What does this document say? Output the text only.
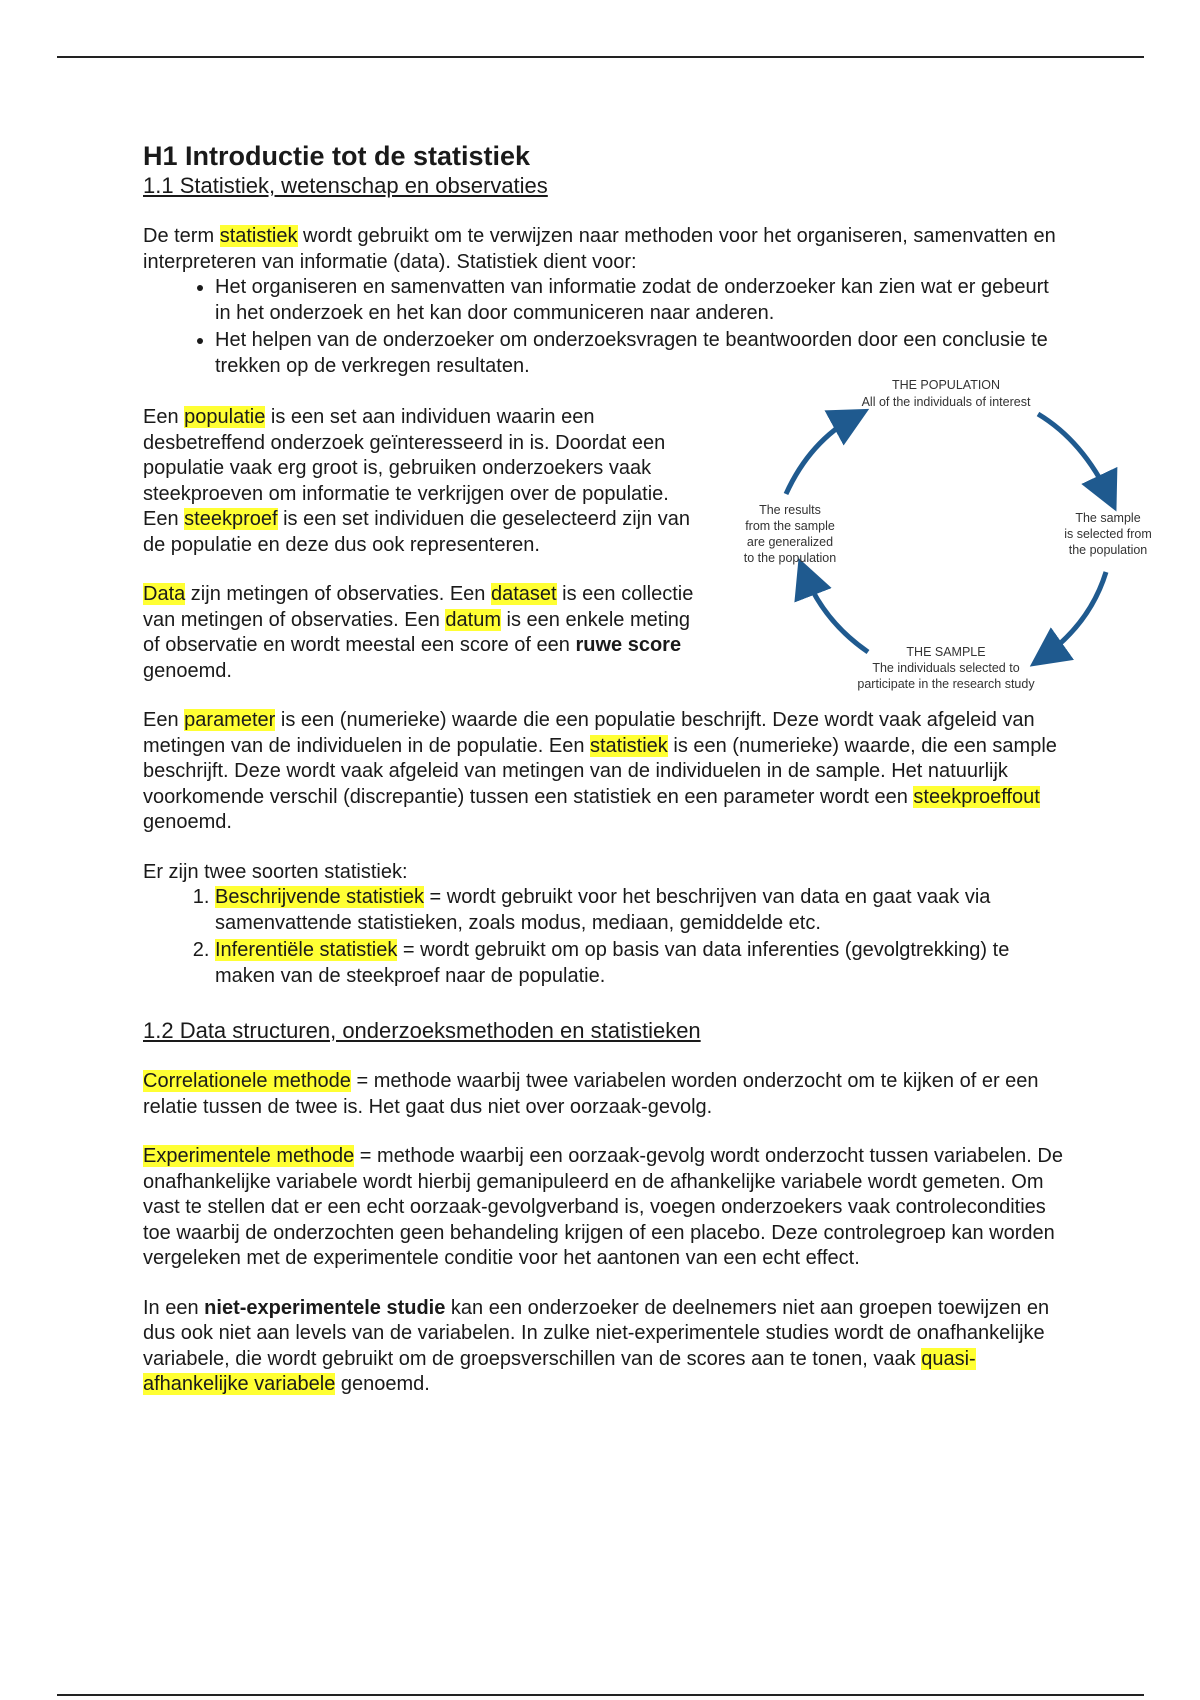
H1 Introductie tot de statistiek
1.1 Statistiek, wetenschap en observaties

De term statistiek wordt gebruikt om te verwijzen naar methoden voor het organiseren, samenvatten en interpreteren van informatie (data). Statistiek dient voor:

• Het organiseren en samenvatten van informatie zodat de onderzoeker kan zien wat er gebeurt in het onderzoek en het kan door communiceren naar anderen.
• Het helpen van de onderzoeker om onderzoeksvragen te beantwoorden door een conclusie te trekken op de verkregen resultaten.

Een populatie is een set aan individuen waarin een desbetreffend onderzoek geïnteresseerd in is. Doordat een populatie vaak erg groot is, gebruiken onderzoekers vaak steekproeven om informatie te verkrijgen over de populatie. Een steekproef is een set individuen die geselecteerd zijn van de populatie en deze dus ook representeren.

Data zijn metingen of observaties. Een dataset is een collectie van metingen of observaties. Een datum is een enkele meting of observatie en wordt meestal een score of een ruwe score genoemd.

Een parameter is een (numerieke) waarde die een populatie beschrijft. Deze wordt vaak afgeleid van metingen van de individuelen in de populatie. Een statistiek is een (numerieke) waarde, die een sample beschrijft. Deze wordt vaak afgeleid van metingen van de individuelen in de sample. Het natuurlijk voorkomende verschil (discrepantie) tussen een statistiek en een parameter wordt een steekproeffout genoemd.

Er zijn twee soorten statistiek:

1. Beschrijvende statistiek = wordt gebruikt voor het beschrijven van data en gaat vaak via samenvattende statistieken, zoals modus, mediaan, gemiddelde etc.
2. Inferentiële statistiek = wordt gebruikt om op basis van data inferenties (gevolgtrekking) te maken van de steekproef naar de populatie.
1.2 Data structuren, onderzoeksmethoden en statistieken

Correlationele methode = methode waarbij twee variabelen worden onderzocht om te kijken of er een relatie tussen de twee is. Het gaat dus niet over oorzaak-gevolg.

Experimentele methode = methode waarbij een oorzaak-gevolg wordt onderzocht tussen variabelen. De onafhankelijke variabele wordt hierbij gemanipuleerd en de afhankelijke variabele wordt gemeten. Om vast te stellen dat er een echt oorzaak-gevolgverband is, voegen onderzoekers vaak controlecondities toe waarbij de onderzochten geen behandeling krijgen of een placebo. Deze controlegroep kan worden vergeleken met de experimentele conditie voor het aantonen van een echt effect.

In een niet-experimentele studie kan een onderzoeker de deelnemers niet aan groepen toewijzen en dus ook niet aan levels van de variabelen. In zulke niet-experimentele studies wordt de onafhankelijke variabele, die wordt gebruikt om de groepsverschillen van de scores aan te tonen, vaak quasi-afhankelijke variabele genoemd.

THE POPULATION
All of the individuals of interest
The sample
is selected from
the population
The results
from the sample
are generalized
to the population
THE SAMPLE
The individuals selected to
participate in the research study
